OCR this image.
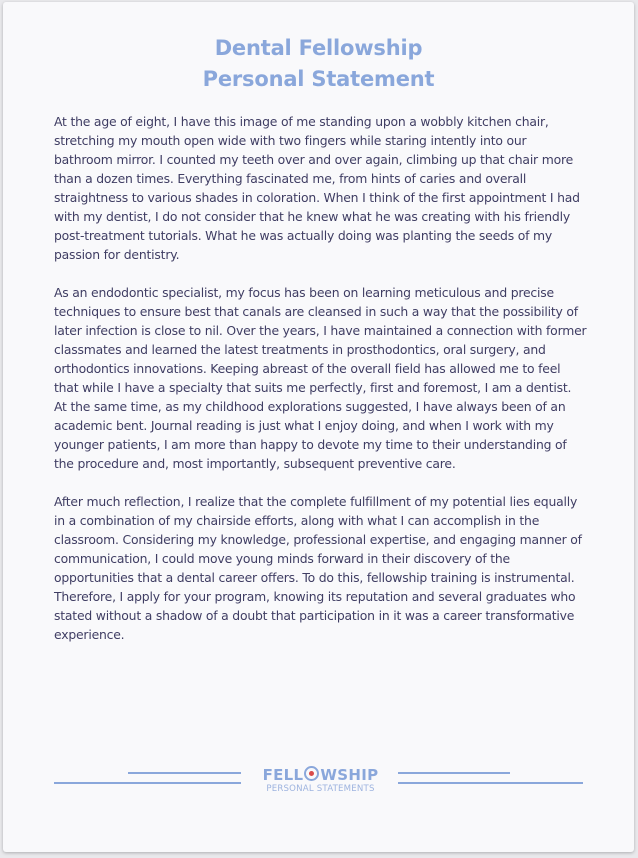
Dental Fellowship
Personal Statement

At the age of eight, I have this image of me standing upon a wobbly kitchen chair, stretching my mouth open wide with two fingers while staring intently into our bathroom mirror. I counted my teeth over and over again, climbing up that chair more than a dozen times. Everything fascinated me, from hints of caries and overall straightness to various shades in coloration. When I think of the first appointment I had with my dentist, I do not consider that he knew what he was creating with his friendly post-treatment tutorials. What he was actually doing was planting the seeds of my passion for dentistry.

As an endodontic specialist, my focus has been on learning meticulous and precise techniques to ensure best that canals are cleansed in such a way that the possibility of later infection is close to nil. Over the years, I have maintained a connection with former classmates and learned the latest treatments in prosthodontics, oral surgery, and orthodontics innovations. Keeping abreast of the overall field has allowed me to feel that while I have a specialty that suits me perfectly, first and foremost, I am a dentist. At the same time, as my childhood explorations suggested, I have always been of an academic bent. Journal reading is just what I enjoy doing, and when I work with my younger patients, I am more than happy to devote my time to their understanding of the procedure and, most importantly, subsequent preventive care.

After much reflection, I realize that the complete fulfillment of my potential lies equally in a combination of my chairside efforts, along with what I can accomplish in the classroom. Considering my knowledge, professional expertise, and engaging manner of communication, I could move young minds forward in their discovery of the opportunities that a dental career offers. To do this, fellowship training is instrumental. Therefore, I apply for your program, knowing its reputation and several graduates who stated without a shadow of a doubt that participation in it was a career transformative experience.

FELL WSHIP
PERSONAL STATEMENTS
